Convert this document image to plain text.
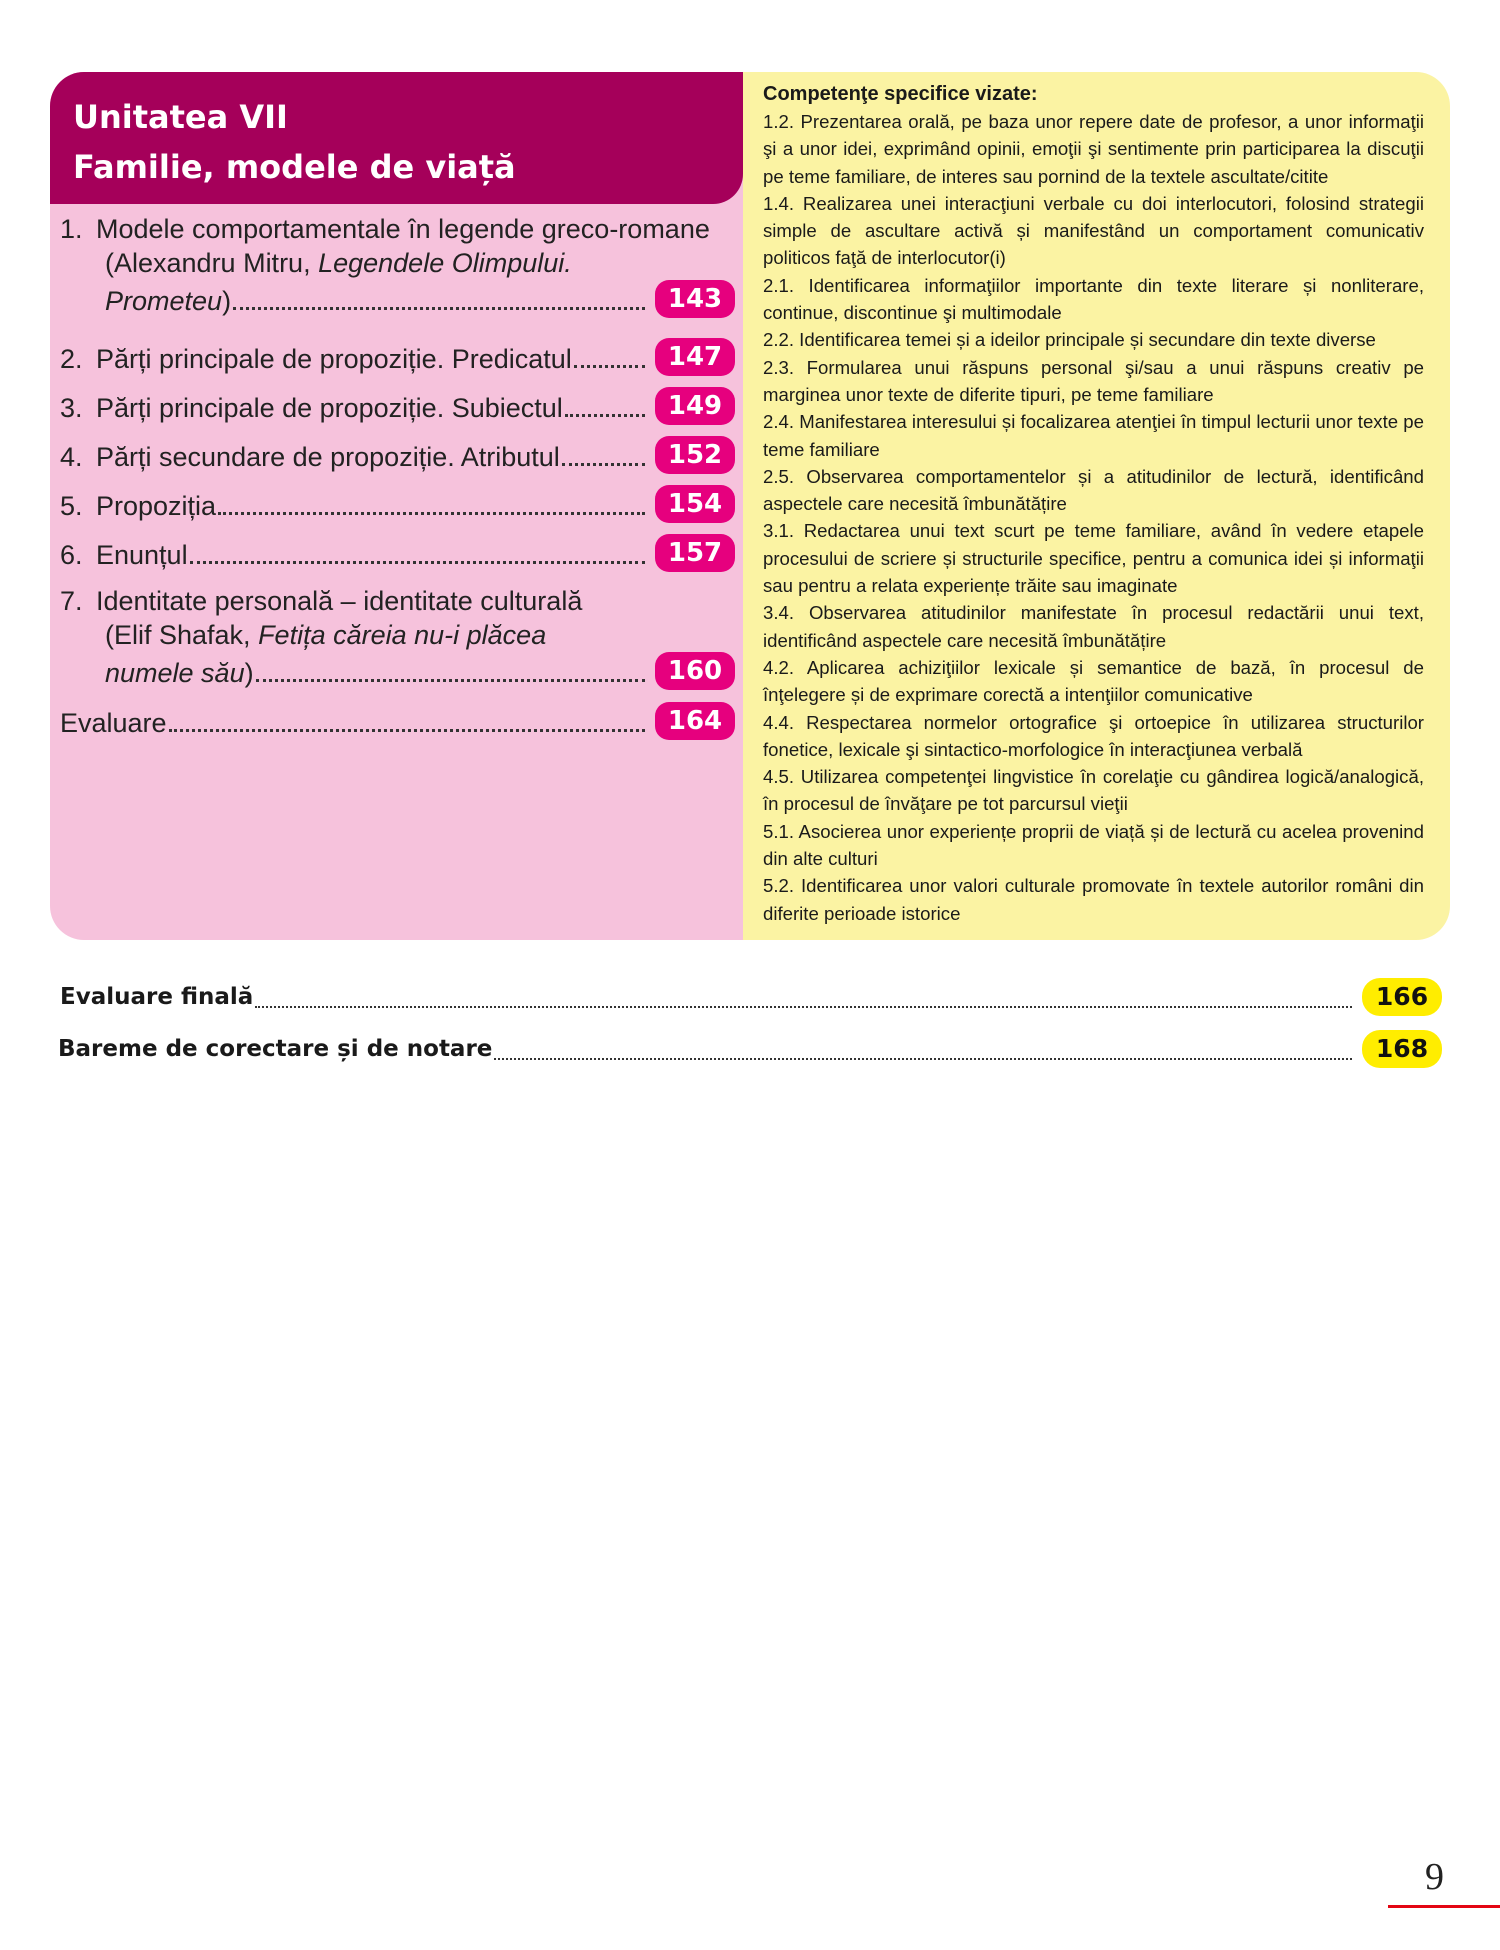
Unitatea VII
Familie, modele de viață
1. Modele comportamentale în legende greco-romane
(Alexandru Mitru, Legendele Olimpului.
Prometeu )	143
2. Părți principale de propoziție. Predicatul	147
3. Părți principale de propoziție. Subiectul	149
4. Părți secundare de propoziție. Atributul	152
5. Propoziția	154
6. Enunțul	157
7. Identitate personală – identitate culturală
(Elif Shafak, Fetița căreia nu-i plăcea
numele său )	160
Evaluare	164
Competenţe specifice vizate:
1.2. Prezentarea orală, pe baza unor repere date de profesor, a unor informaţii şi a unor idei, exprimând opinii, emoţii şi sentimente prin participarea la discuţii pe teme familiare, de interes sau pornind de la textele ascultate/citite
1.4. Realizarea unei interacţiuni verbale cu doi interlocutori, folosind strategii simple de ascultare activă și manifestând un comportament comunicativ politicos faţă de interlocutor(i)
2.1. Identificarea informaţiilor importante din texte literare și nonliterare, continue, discontinue şi multimodale
2.2. Identificarea temei și a ideilor principale și secundare din texte diverse
2.3. Formularea unui răspuns personal şi/sau a unui răspuns creativ pe marginea unor texte de diferite tipuri, pe teme familiare
2.4. Manifestarea interesului și focalizarea atenţiei în timpul lecturii unor texte pe teme familiare
2.5. Observarea comportamentelor și a atitudinilor de lectură, identificând aspectele care necesită îmbunătățire
3.1. Redactarea unui text scurt pe teme familiare, având în vedere etapele procesului de scriere și structurile specifice, pentru a comunica idei și informaţii sau pentru a relata experiențe trăite sau imaginate
3.4. Observarea atitudinilor manifestate în procesul redactării unui text, identificând aspectele care necesită îmbunătățire
4.2. Aplicarea achiziţiilor lexicale și semantice de bază, în procesul de înţelegere și de exprimare corectă a intenţiilor comunicative
4.4. Respectarea normelor ortografice şi ortoepice în utilizarea structurilor fonetice, lexicale şi sintactico-morfologice în interacţiunea verbală
4.5. Utilizarea competenţei lingvistice în corelaţie cu gândirea logică/analogică, în procesul de învăţare pe tot parcursul vieţii
5.1. Asocierea unor experiențe proprii de viață și de lectură cu acelea provenind din alte culturi
5.2. Identificarea unor valori culturale promovate în textele autorilor români din diferite perioade istorice
Evaluare finală	166
Bareme de corectare și de notare	168
9
